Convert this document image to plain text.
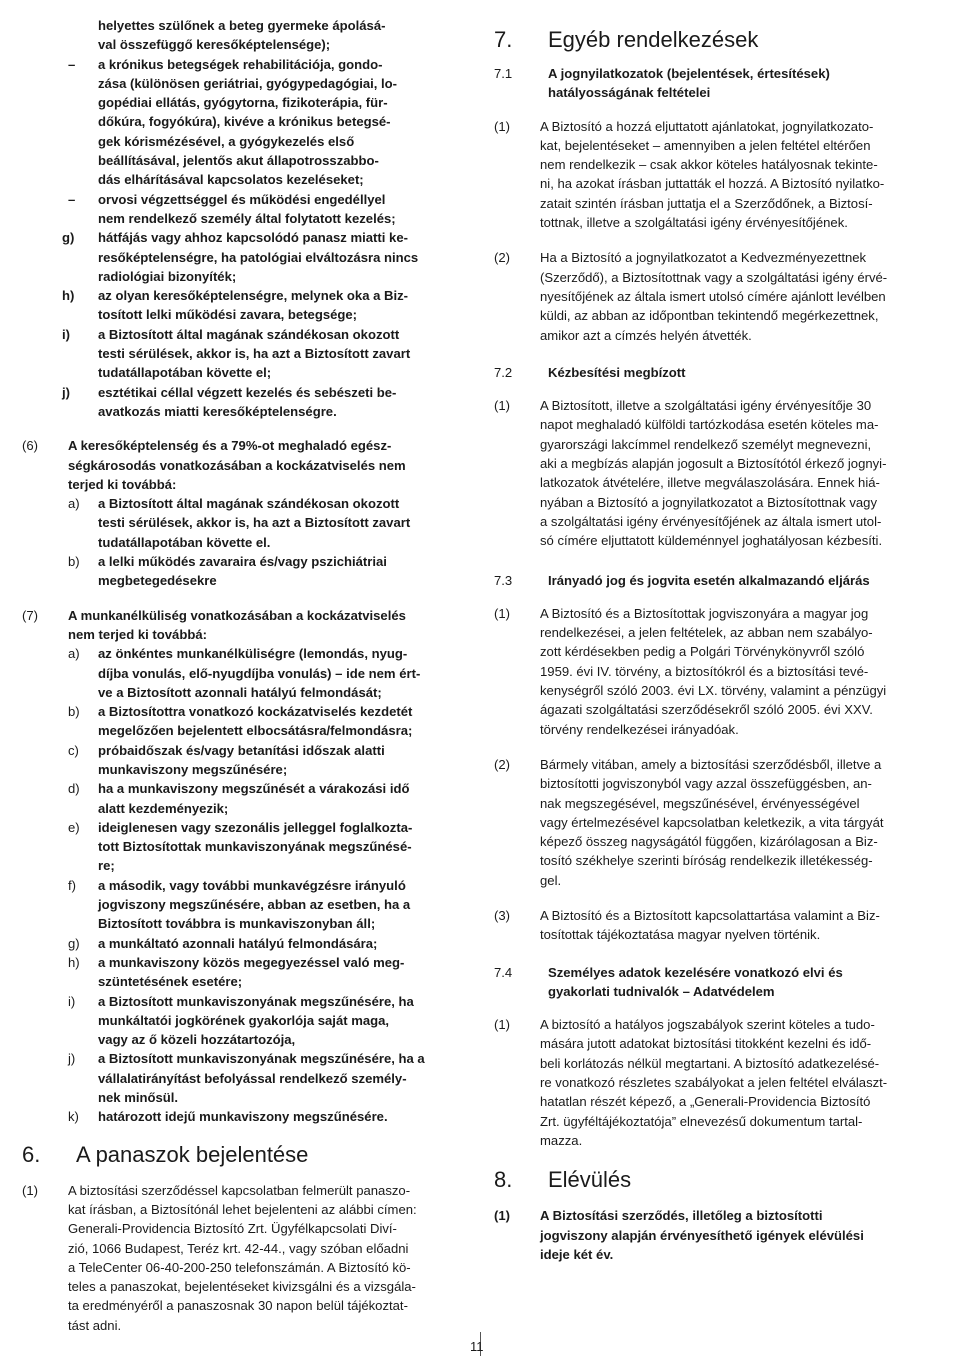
helyettes szülőnek a beteg gyermeke ápolásá-
val összefüggő keresőképtelensége);
– a krónikus betegségek rehabilitációja, gondo-
zása (különösen geriátriai, gyógypedagógiai, lo-
gopédiai ellátás, gyógytorna, fizikoterápia, für-
dőkúra, fogyókúra), kivéve a krónikus betegsé-
gek kórismézésével, a gyógykezelés első
beállításával, jelentős akut állapotrosszabbo-
dás elhárításával kapcsolatos kezeléseket;
– orvosi végzettséggel és működési engedéllyel
nem rendelkező személy által folytatott kezelés;
g) hátfájás vagy ahhoz kapcsolódó panasz miatti ke-
resőképtelenségre, ha patológiai elváltozásra nincs
radiológiai bizonyíték;
h) az olyan keresőképtelenségre, melynek oka a Biz-
tosított lelki működési zavara, betegsége;
i) a Biztosított által magának szándékosan okozott
testi sérülések, akkor is, ha azt a Biztosított zavart
tudatállapotában követte el;
j) esztétikai céllal végzett kezelés és sebészeti be-
avatkozás miatti keresőképtelenségre.
(6) A keresőképtelenség és a 79%-ot meghaladó egész-
ségkárosodás vonatkozásában a kockázatviselés nem
terjed ki továbbá:
a) a Biztosított által magának szándékosan okozott
testi sérülések, akkor is, ha azt a Biztosított zavart
tudatállapotában követte el.
b) a lelki működés zavaraira és/vagy pszichiátriai
megbetegedésekre
(7) A munkanélküliség vonatkozásában a kockázatviselés
nem terjed ki továbbá:
a) az önkéntes munkanélküliségre (lemondás, nyug-
díjba vonulás, elő-nyugdíjba vonulás) – ide nem ért-
ve a Biztosított azonnali hatályú felmondását;
b) a Biztosítottra vonatkozó kockázatviselés kezdetét
megelőzően bejelentett elbocsátásra/felmondásra;
c) próbaidőszak és/vagy betanítási időszak alatti
munkaviszony megszűnésére;
d) ha a munkaviszony megszűnését a várakozási idő
alatt kezdeményezik;
e) ideiglenesen vagy szezonális jelleggel foglalkozta-
tott Biztosítottak munkaviszonyának megszűnésé-
re;
f) a második, vagy további munkavégzésre irányuló
jogviszony megszűnésére, abban az esetben, ha a
Biztosított továbbra is munkaviszonyban áll;
g) a munkáltató azonnali hatályú felmondására;
h) a munkaviszony közös megegyezéssel való meg-
szüntetésének esetére;
i) a Biztosított munkaviszonyának megszűnésére, ha
munkáltatói jogkörének gyakorlója saját maga,
vagy az ő közeli hozzátartozója,
j) a Biztosított munkaviszonyának megszűnésére, ha a
vállalatirányítást befolyással rendelkező személy-
nek minősül.
k) határozott idejű munkaviszony megszűnésére.
6. A panaszok bejelentése
(1) A biztosítási szerződéssel kapcsolatban felmerült panaszo-
kat írásban, a Biztosítónál lehet bejelenteni az alábbi címen:
Generali-Providencia Biztosító Zrt. Ügyfélkapcsolati Diví-
zió, 1066 Budapest, Teréz krt. 42-44., vagy szóban előadni
a TeleCenter 06-40-200-250 telefonszámán. A Biztosító kö-
teles a panaszokat, bejelentéseket kivizsgálni és a vizsgála-
ta eredményéről a panaszosnak 30 napon belül tájékoztat-
tást adni.
7. Egyéb rendelkezések
7.1	A jognyilatkozatok (bejelentések, értesítések)
hatályosságának feltételei
(1) A Biztosító a hozzá eljuttatott ajánlatokat, jognyilatkozato-
kat, bejelentéseket – amennyiben a jelen feltétel eltérően
nem rendelkezik – csak akkor köteles hatályosnak tekinte-
ni, ha azokat írásban juttatták el hozzá. A Biztosító nyilatko-
zatait szintén írásban juttatja el a Szerződőnek, a Biztosí-
tottnak, illetve a szolgáltatási igény érvényesítőjének.
(2) Ha a Biztosító a jognyilatkozatot a Kedvezményezettnek
(Szerződő), a Biztosítottnak vagy a szolgáltatási igény érvé-
nyesítőjének az általa ismert utolsó címére ajánlott levélben
küldi, az abban az időpontban tekintendő megérkezettnek,
amikor azt a címzés helyén átvették.
7.2	Kézbesítési megbízott
(1) A Biztosított, illetve a szolgáltatási igény érvényesítője 30
napot meghaladó külföldi tartózkodása esetén köteles ma-
gyarországi lakcímmel rendelkező személyt megnevezni,
aki a megbízás alapján jogosult a Biztosítótól érkező jognyi-
latkozatok átvételére, illetve megválaszolására. Ennek hiá-
nyában a Biztosító a jognyilatkozatot a Biztosítottnak vagy
a szolgáltatási igény érvényesítőjének az általa ismert utol-
só címére eljuttatott küldeménnyel joghatályosan kézbesíti.
7.3	Irányadó jog és jogvita esetén alkalmazandó eljárás
(1) A Biztosító és a Biztosítottak jogviszonyára a magyar jog
rendelkezései, a jelen feltételek, az abban nem szabályo-
zott kérdésekben pedig a Polgári Törvénykönyvről szóló
1959. évi IV. törvény, a biztosítókról és a biztosítási tevé-
kenységről szóló 2003. évi LX. törvény, valamint a pénzügyi
ágazati szolgáltatási szerződésekről szóló 2005. évi XXV.
törvény rendelkezései irányadóak.
(2) Bármely vitában, amely a biztosítási szerződésből, illetve a
biztosítotti jogviszonyból vagy azzal összefüggésben, an-
nak megszegésével, megszűnésével, érvényességével
vagy értelmezésével kapcsolatban keletkezik, a vita tárgyát
képező összeg nagyságától függően, kizárólagosan a Biz-
tosító székhelye szerinti bíróság rendelkezik illetékesség-
gel.
(3) A Biztosító és a Biztosított kapcsolattartása valamint a Biz-
tosítottak tájékoztatása magyar nyelven történik.
7.4	Személyes adatok kezelésére vonatkozó elvi és
gyakorlati tudnivalók – Adatvédelem
(1) A biztosító a hatályos jogszabályok szerint köteles a tudo-
mására jutott adatokat biztosítási titokként kezelni és idő-
beli korlátozás nélkül megtartani. A biztosító adatkezelésé-
re vonatkozó részletes szabályokat a jelen feltétel elválaszt-
hatatlan részét képező, a „Generali-Providencia Biztosító
Zrt. ügyféltájékoztatója” elnevezésű dokumentum tartal-
mazza.
8. Elévülés
(1) A Biztosítási szerződés, illetőleg a biztosítotti
jogviszony alapján érvényesíthető igények elévülési
ideje két év.
11
